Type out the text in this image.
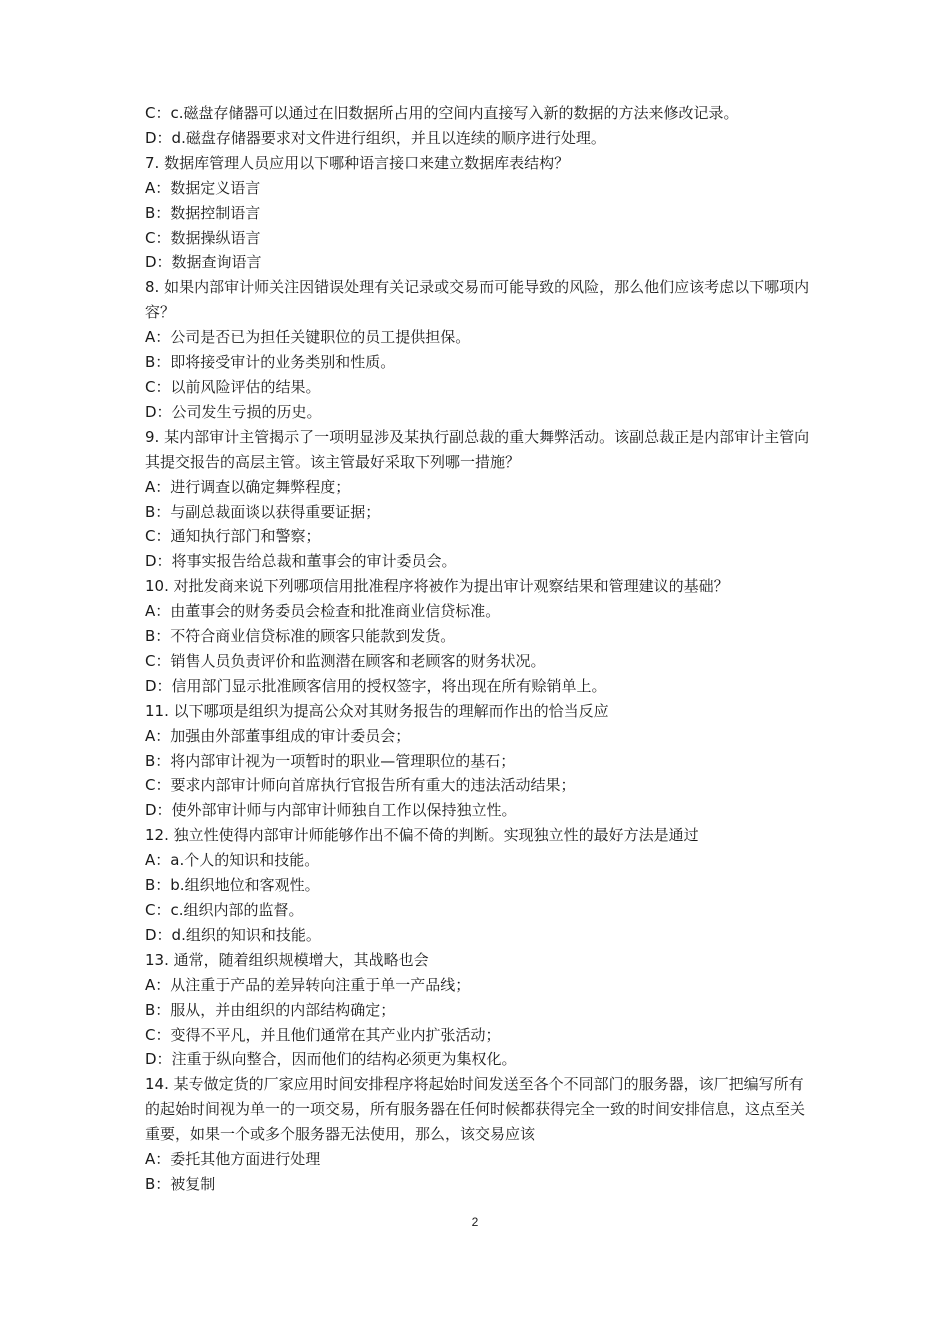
C：c.磁盘存储器可以通过在旧数据所占用的空间内直接写入新的数据的方法来修改记录。
D：d.磁盘存储器要求对文件进行组织，并且以连续的顺序进行处理。
7. 数据库管理人员应用以下哪种语言接口来建立数据库表结构？
A：数据定义语言
B：数据控制语言
C：数据操纵语言
D：数据查询语言
8. 如果内部审计师关注因错误处理有关记录或交易而可能导致的风险，那么他们应该考虑以下哪项内容？
A：公司是否已为担任关键职位的员工提供担保。
B：即将接受审计的业务类别和性质。
C：以前风险评估的结果。
D：公司发生亏损的历史。
9. 某内部审计主管揭示了一项明显涉及某执行副总裁的重大舞弊活动。该副总裁正是内部审计主管向其提交报告的高层主管。该主管最好采取下列哪一措施？
A：进行调查以确定舞弊程度；
B：与副总裁面谈以获得重要证据；
C：通知执行部门和警察；
D：将事实报告给总裁和董事会的审计委员会。
10. 对批发商来说下列哪项信用批准程序将被作为提出审计观察结果和管理建议的基础？
A：由董事会的财务委员会检查和批准商业信贷标准。
B：不符合商业信贷标准的顾客只能款到发货。
C：销售人员负责评价和监测潜在顾客和老顾客的财务状况。
D：信用部门显示批准顾客信用的授权签字，将出现在所有赊销单上。
11. 以下哪项是组织为提高公众对其财务报告的理解而作出的恰当反应
A：加强由外部董事组成的审计委员会；
B：将内部审计视为一项暂时的职业—管理职位的基石；
C：要求内部审计师向首席执行官报告所有重大的违法活动结果；
D：使外部审计师与内部审计师独自工作以保持独立性。
12. 独立性使得内部审计师能够作出不偏不倚的判断。实现独立性的最好方法是通过
A：a.个人的知识和技能。
B：b.组织地位和客观性。
C：c.组织内部的监督。
D：d.组织的知识和技能。
13. 通常，随着组织规模增大，其战略也会
A：从注重于产品的差异转向注重于单一产品线；
B：服从，并由组织的内部结构确定；
C：变得不平凡，并且他们通常在其产业内扩张活动；
D：注重于纵向整合，因而他们的结构必须更为集权化。
14. 某专做定货的厂家应用时间安排程序将起始时间发送至各个不同部门的服务器，该厂把编写所有的起始时间视为单一的一项交易，所有服务器在任何时候都获得完全一致的时间安排信息，这点至关重要，如果一个或多个服务器无法使用，那么，该交易应该
A：委托其他方面进行处理
B：被复制
2
